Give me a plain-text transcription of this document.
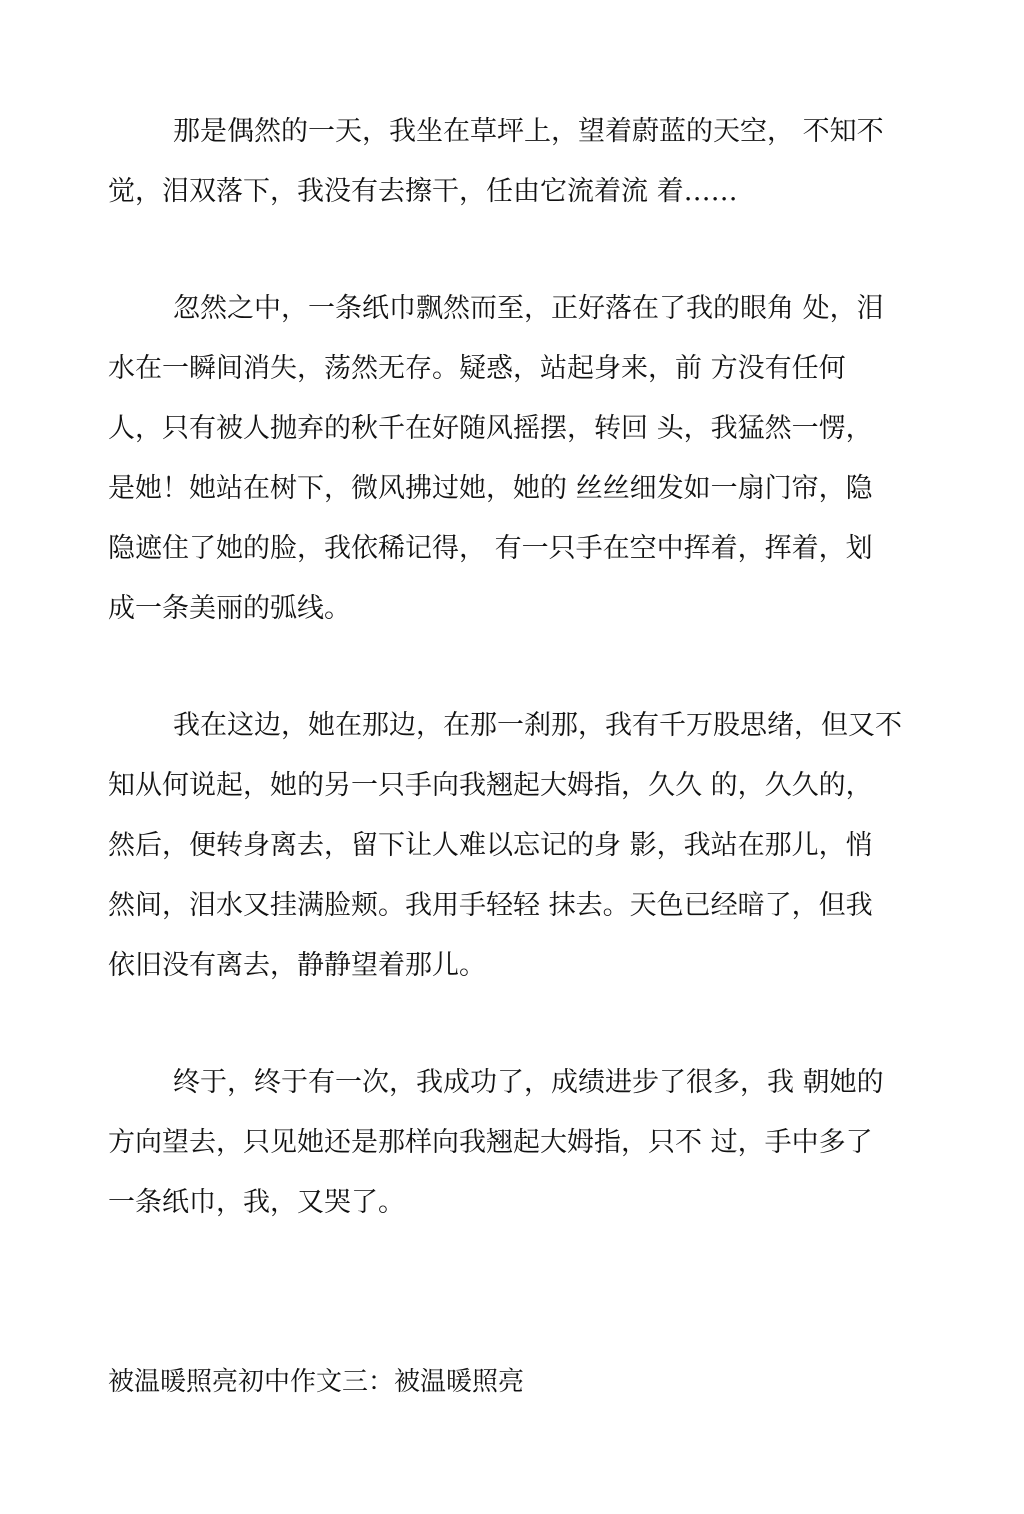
那是偶然的一天，我坐在草坪上，望着蔚蓝的天空， 不知不
觉，泪双落下，我没有去擦干，任由它流着流 着……
忽然之中，一条纸巾飘然而至，正好落在了我的眼角 处，泪
水在一瞬间消失，荡然无存。疑惑，站起身来，前 方没有任何
人，只有被人抛弃的秋千在好随风摇摆，转回 头，我猛然一愣，
是她！她站在树下，微风拂过她，她的 丝丝细发如一扇门帘，隐
隐遮住了她的脸，我依稀记得， 有一只手在空中挥着，挥着，划
成一条美丽的弧线。
我在这边，她在那边，在那一刹那，我有千万股思绪，但又不
知从何说起，她的另一只手向我翘起大姆指，久久 的，久久的，
然后，便转身离去，留下让人难以忘记的身 影，我站在那儿，悄
然间，泪水又挂满脸颊。我用手轻轻 抹去。天色已经暗了，但我
依旧没有离去，静静望着那儿。
终于，终于有一次，我成功了，成绩进步了很多，我 朝她的
方向望去，只见她还是那样向我翘起大姆指，只不 过，手中多了
一条纸巾，我，又哭了。
被温暖照亮初中作文三：被温暖照亮
